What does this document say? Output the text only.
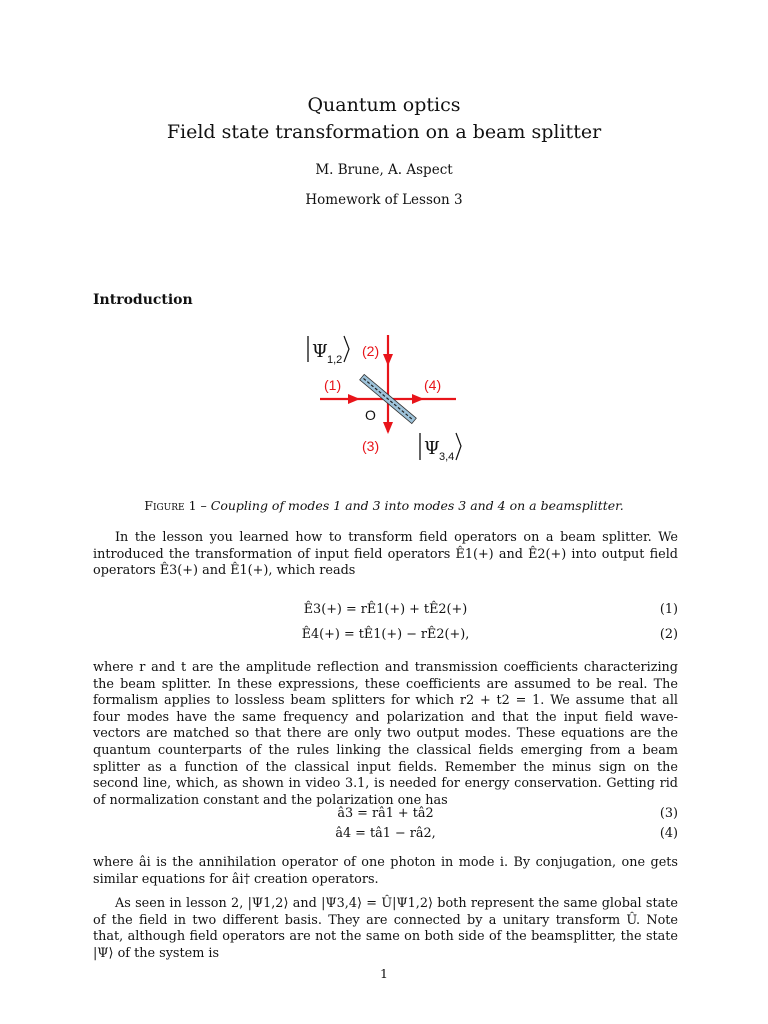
Quantum optics
Field state transformation on a beam splitter
M. Brune, A. Aspect
Homework of Lesson 3
Introduction
Ψ 1,2
(1)
(2)
(3)
(4)
O
Ψ 3,4
Figure 1 – Coupling of modes 1 and 3 into modes 3 and 4 on a beamsplitter.
In the lesson you learned how to transform field operators on a beam splitter. We introduced the transformation of input field operators Ê1(+) and Ê2(+) into output field operators Ê3(+) and Ê1(+), which reads
Ê3(+) = rÊ1(+) + tÊ2(+)	(1)
Ê4(+) = tÊ1(+) − rÊ2(+),	(2)
where r and t are the amplitude reflection and transmission coefficients characterizing the beam splitter. In these expressions, these coefficients are assumed to be real. The formalism applies to lossless beam splitters for which r2 + t2 = 1. We assume that all four modes have the same frequency and polarization and that the input field wave-vectors are matched so that there are only two output modes. These equations are the quantum counterparts of the rules linking the classical fields emerging from a beam splitter as a function of the classical input fields. Remember the minus sign on the second line, which, as shown in video 3.1, is needed for energy conservation. Getting rid of normalization constant and the polarization one has
â3 = râ1 + tâ2	(3)
â4 = tâ1 − râ2,	(4)
where âi is the annihilation operator of one photon in mode i. By conjugation, one gets similar equations for âi† creation operators.
As seen in lesson 2, |Ψ1,2⟩ and |Ψ3,4⟩ = Û|Ψ1,2⟩ both represent the same global state of the field in two different basis. They are connected by a unitary transform Û. Note that, although field operators are not the same on both side of the beamsplitter, the state |Ψ⟩ of the system is
1
